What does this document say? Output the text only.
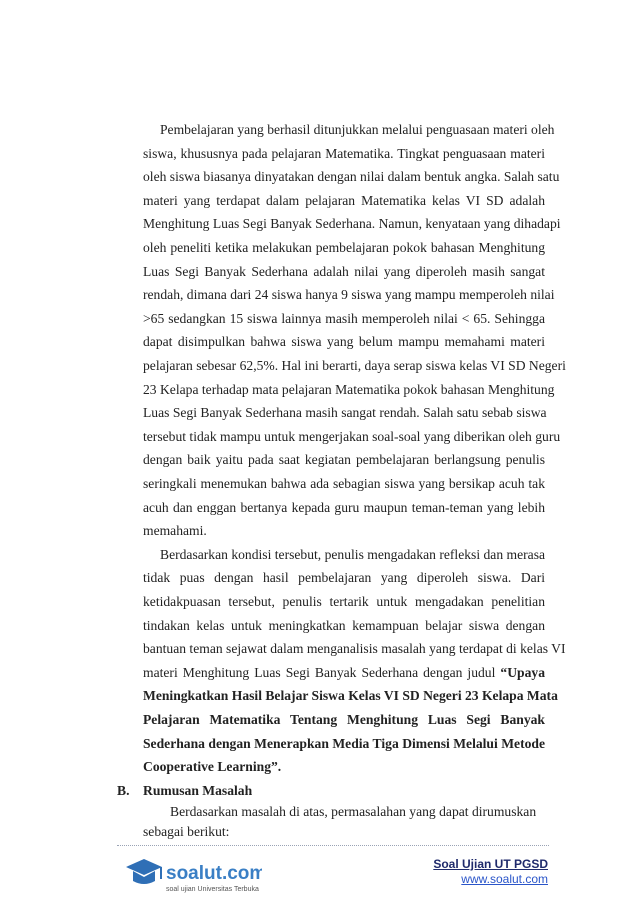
Pembelajaran yang berhasil ditunjukkan melalui penguasaan materi oleh
siswa, khususnya pada pelajaran Matematika. Tingkat penguasaan materi
oleh siswa biasanya dinyatakan dengan nilai dalam bentuk angka. Salah satu
materi yang terdapat dalam pelajaran Matematika kelas VI SD adalah
Menghitung Luas Segi Banyak Sederhana. Namun, kenyataan yang dihadapi
oleh peneliti ketika melakukan pembelajaran pokok bahasan Menghitung
Luas Segi Banyak Sederhana adalah nilai yang diperoleh masih sangat
rendah, dimana dari 24 siswa hanya 9 siswa yang mampu memperoleh nilai
>65 sedangkan 15 siswa lainnya masih memperoleh nilai < 65. Sehingga
dapat disimpulkan bahwa siswa yang belum mampu memahami materi
pelajaran sebesar 62,5%. Hal ini berarti, daya serap siswa kelas VI SD Negeri
23 Kelapa terhadap mata pelajaran Matematika pokok bahasan Menghitung
Luas Segi Banyak Sederhana masih sangat rendah. Salah satu sebab siswa
tersebut tidak mampu untuk mengerjakan soal-soal yang diberikan oleh guru
dengan baik yaitu pada saat kegiatan pembelajaran berlangsung penulis
seringkali menemukan bahwa ada sebagian siswa yang bersikap acuh tak
acuh dan enggan bertanya kepada guru maupun teman-teman yang lebih
memahami.
Berdasarkan kondisi tersebut, penulis mengadakan refleksi dan merasa
tidak puas dengan hasil pembelajaran yang diperoleh siswa. Dari
ketidakpuasan tersebut, penulis tertarik untuk mengadakan penelitian
tindakan kelas untuk meningkatkan kemampuan belajar siswa dengan
bantuan teman sejawat dalam menganalisis masalah yang terdapat di kelas VI
materi Menghitung Luas Segi Banyak Sederhana dengan judul “Upaya
Meningkatkan Hasil Belajar Siswa Kelas VI SD Negeri 23 Kelapa Mata
Pelajaran Matematika Tentang Menghitung Luas Segi Banyak
Sederhana dengan Menerapkan Media Tiga Dimensi Melalui Metode
Cooperative Learning”.
B. Rumusan Masalah
Berdasarkan masalah di atas, permasalahan yang dapat dirumuskan
sebagai berikut:
soalut.com
soal ujian Universitas Terbuka
Soal Ujian UT PGSD
www.soalut.com
